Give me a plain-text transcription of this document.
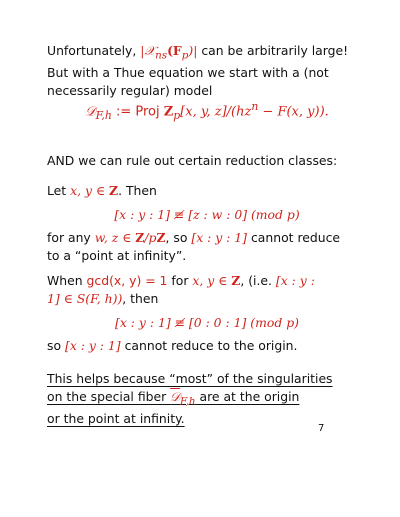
Unfortunately, $|𝒳_{ns}(F_p)|$ can be arbitrarily large!
But with a Thue equation we start with a (not
necessarily regular) model
𝒟$_{F,h}$ := Proj $Z_p[x$, y, $z]/(hz^n - F(x$, y)).
AND we can rule out certain reduction classes:
Let x, y ∈ Z. Then
[x : y : 1] ≢ [z : w : 0] (mod p)
for any w, z ∈ Z/pZ, so [x : y : 1] cannot reduce
to a “point at infinity”.
When gcd(x, y) = 1 for x, y ∈ Z, (i.e. [x : y :
1] ∈ S(F, h)), then
[x : y : 1] ≢ [0 : 0 : 1] (mod p)
so [x : y : 1] cannot reduce to the origin.
This helps because “most” of the singularities
on the special fiber 𝒟$_{F,h}$ are at the origin
or the point at infinity.
7
